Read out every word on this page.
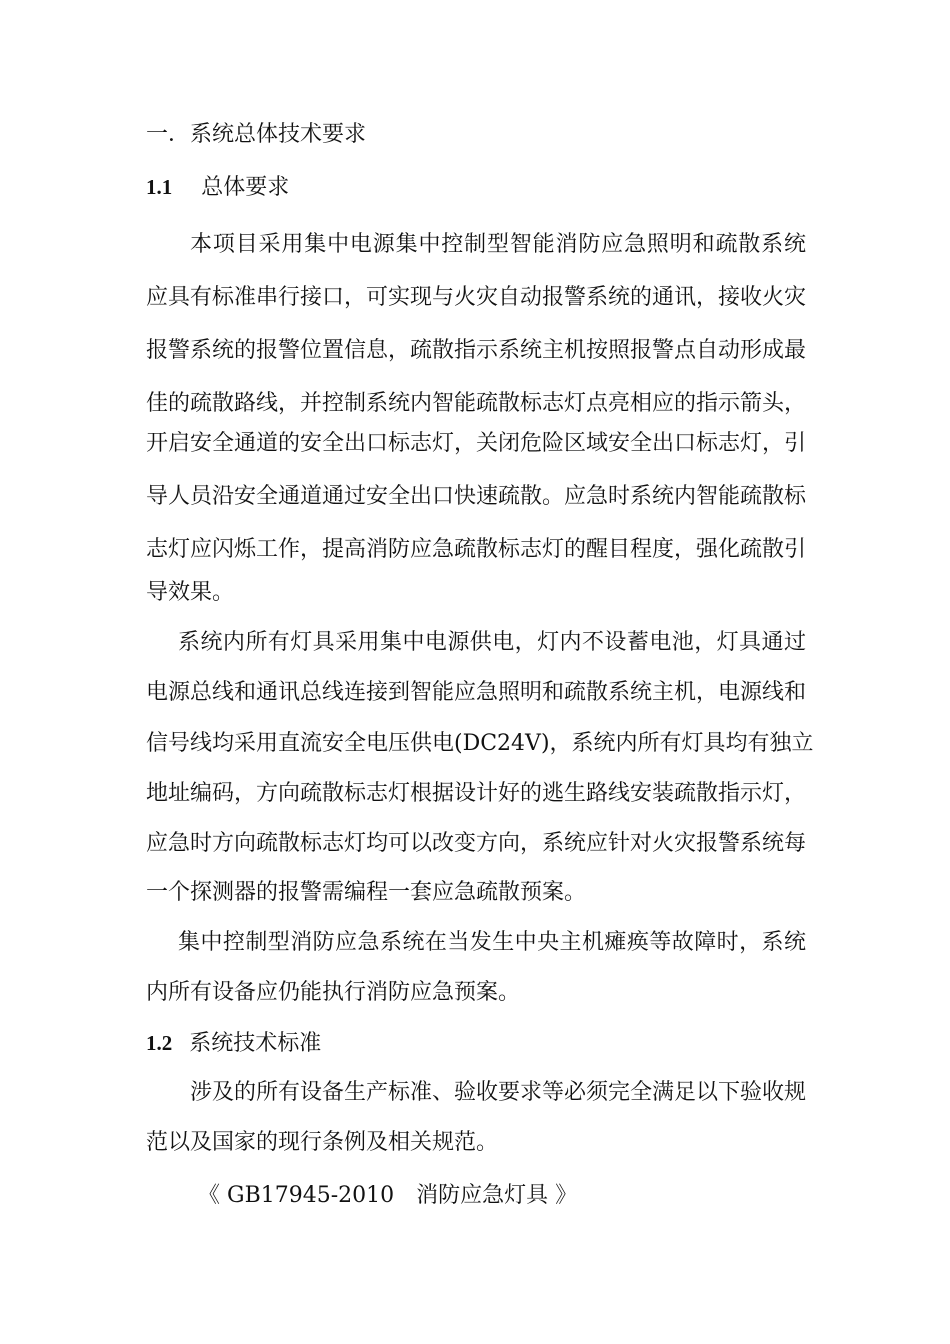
一．系统总体技术要求
1.1 总体要求
本项目采用集中电源集中控制型智能消防应急照明和疏散系统
应具有标准串行接口，可实现与火灾自动报警系统的通讯，接收火灾
报警系统的报警位置信息，疏散指示系统主机按照报警点自动形成最
佳的疏散路线，并控制系统内智能疏散标志灯点亮相应的指示箭头，
开启安全通道的安全出口标志灯，关闭危险区域安全出口标志灯，引
导人员沿安全通道通过安全出口快速疏散。应急时系统内智能疏散标
志灯应闪烁工作，提高消防应急疏散标志灯的醒目程度，强化疏散引
导效果。
系统内所有灯具采用集中电源供电，灯内不设蓄电池，灯具通过
电源总线和通讯总线连接到智能应急照明和疏散系统主机，电源线和
信号线均采用直流安全电压供电(DC24V)，系统内所有灯具均有独立
地址编码，方向疏散标志灯根据设计好的逃生路线安装疏散指示灯，
应急时方向疏散标志灯均可以改变方向，系统应针对火灾报警系统每
一个探测器的报警需编程一套应急疏散预案。
集中控制型消防应急系统在当发生中央主机瘫痪等故障时，系统
内所有设备应仍能执行消防应急预案。
1.2 系统技术标准
涉及的所有设备生产标准、验收要求等必须完全满足以下验收规
范以及国家的现行条例及相关规范。
《 GB17945-2010　消防应急灯具 》
